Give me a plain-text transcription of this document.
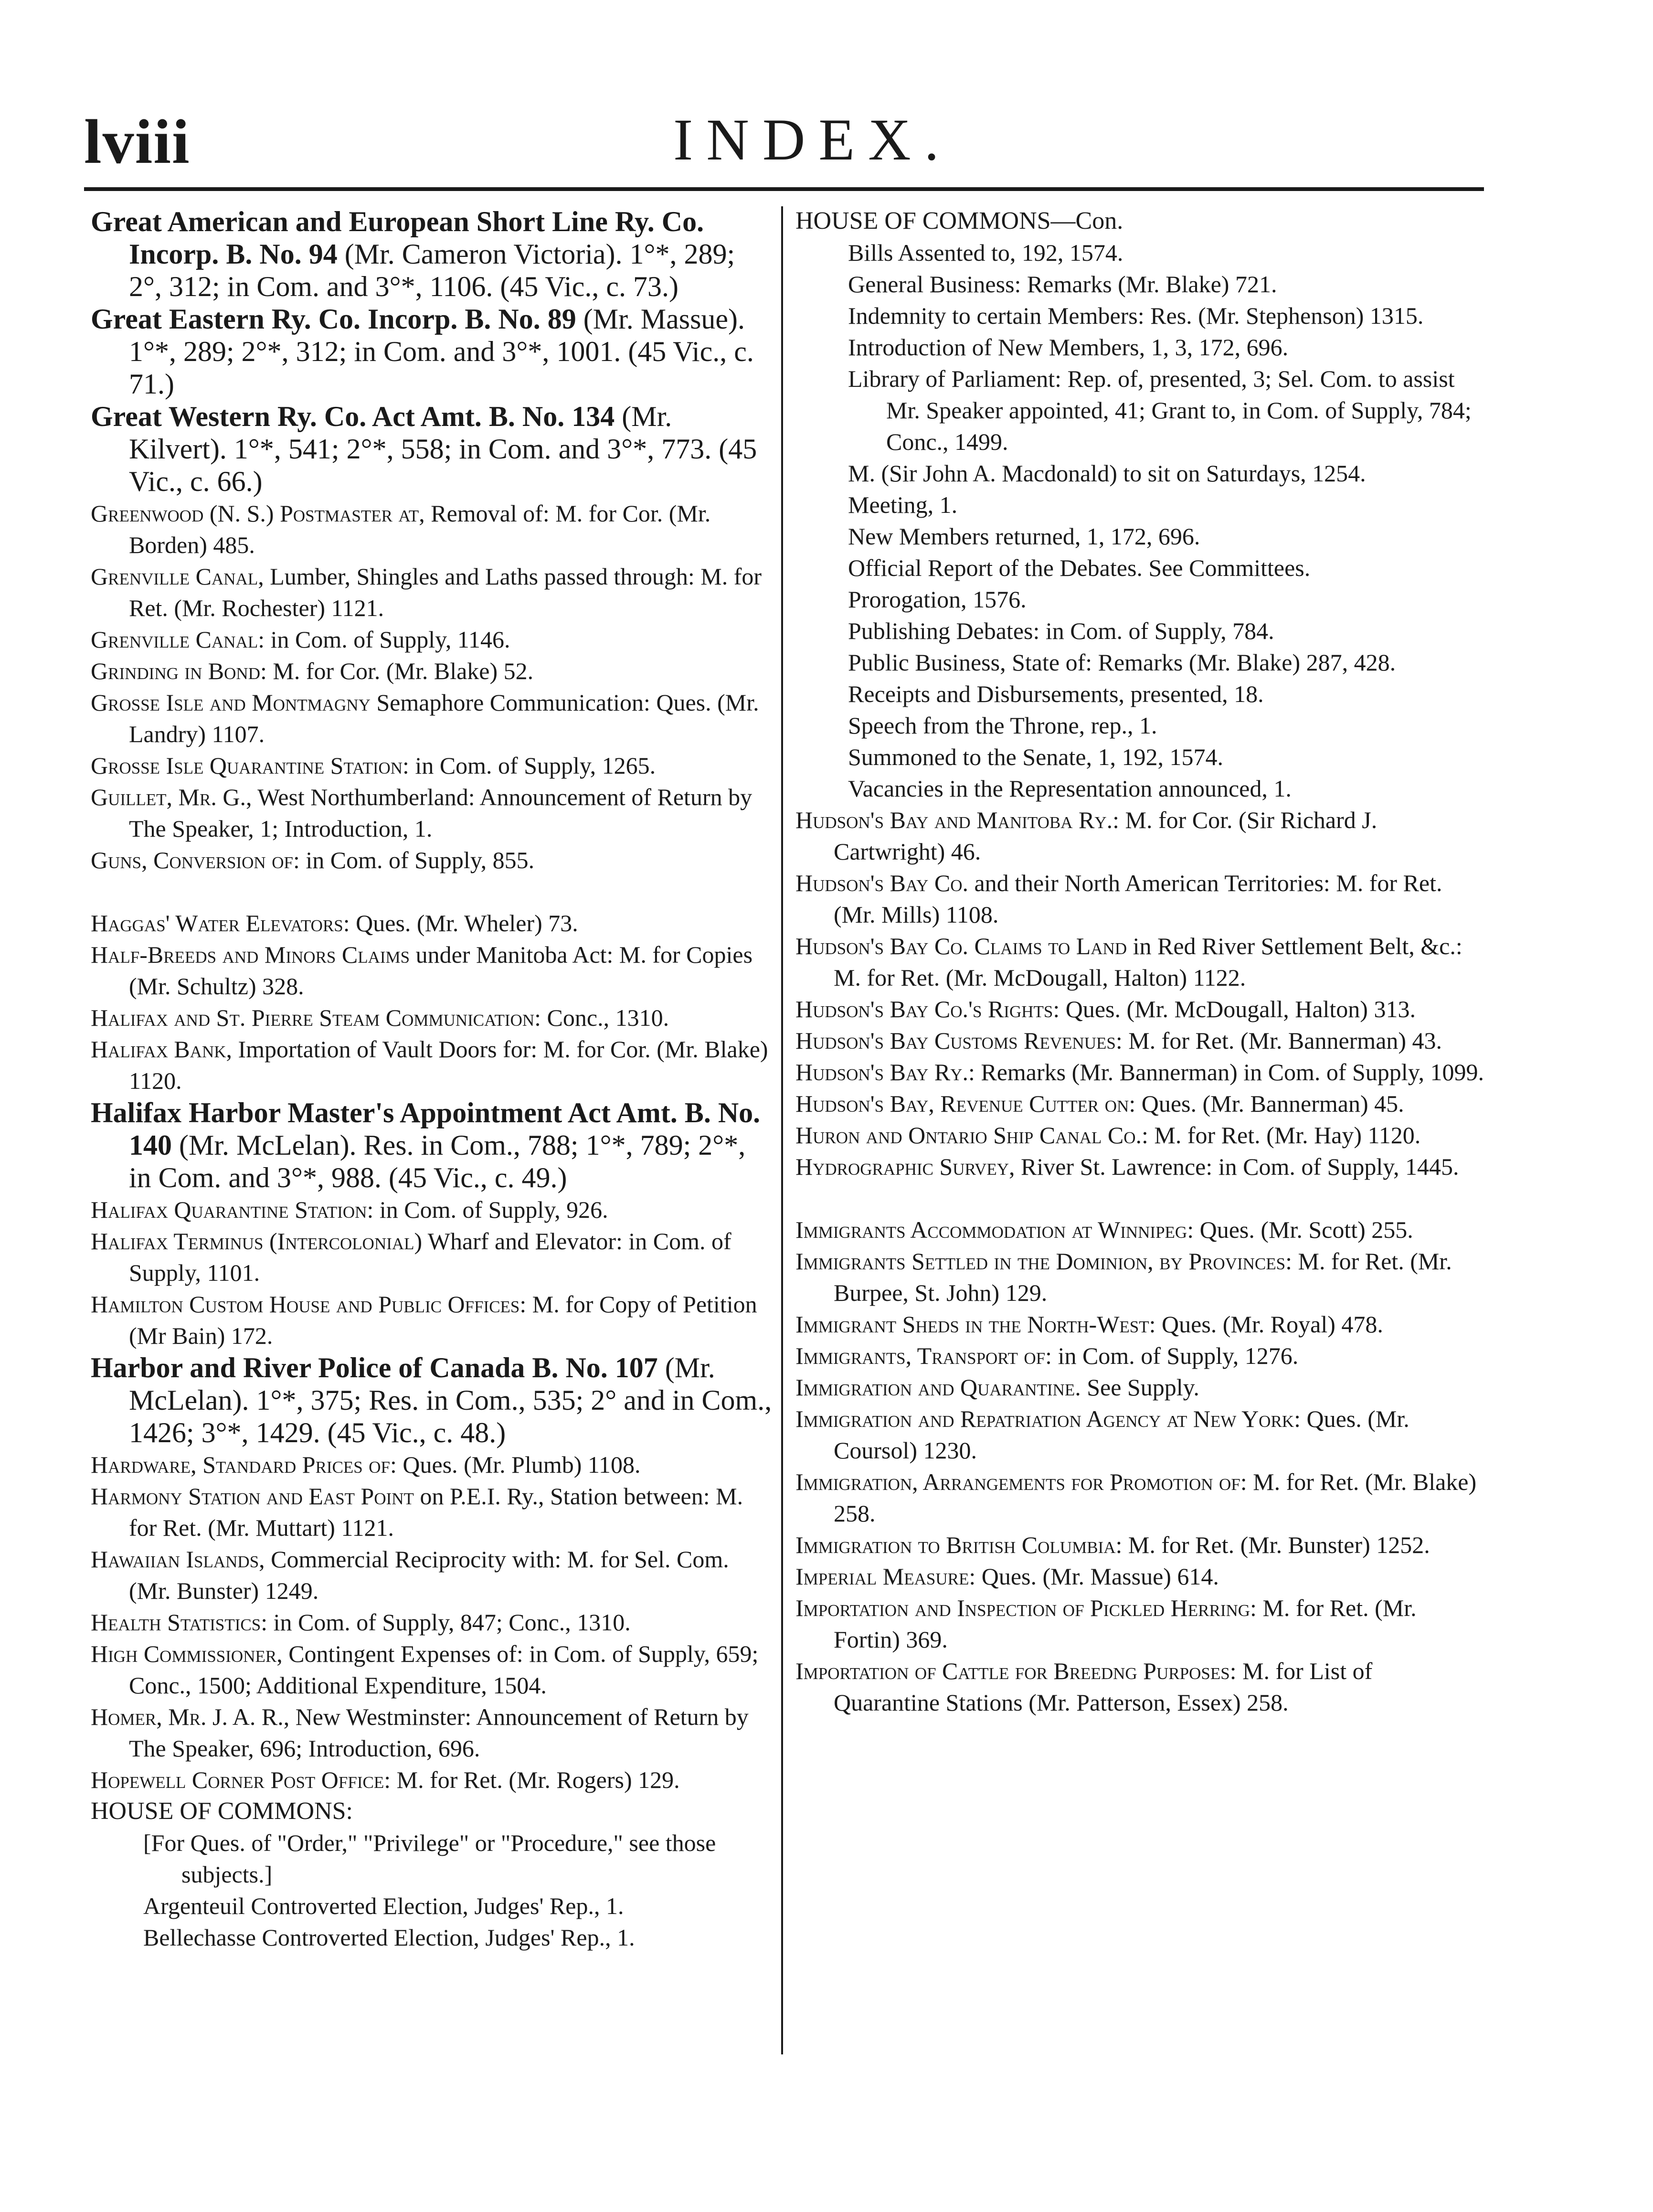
lviii	INDEX.
Great American and European Short Line Ry. Co. Incorp. B. No. 94 (Mr. Cameron Victoria). 1°*, 289; 2°, 312; in Com. and 3°*, 1106. (45 Vic., c. 73.)
Great Eastern Ry. Co. Incorp. B. No. 89 (Mr. Massue). 1°*, 289; 2°*, 312; in Com. and 3°*, 1001. (45 Vic., c. 71.)
Great Western Ry. Co. Act Amt. B. No. 134 (Mr. Kilvert). 1°*, 541; 2°*, 558; in Com. and 3°*, 773. (45 Vic., c. 66.)
Greenwood (N. S.) Postmaster at, Removal of: M. for Cor. (Mr. Borden) 485.
Grenville Canal, Lumber, Shingles and Laths passed through: M. for Ret. (Mr. Rochester) 1121.
Grenville Canal: in Com. of Supply, 1146.
Grinding in Bond: M. for Cor. (Mr. Blake) 52.
Grosse Isle and Montmagny Semaphore Communication: Ques. (Mr. Landry) 1107.
Grosse Isle Quarantine Station: in Com. of Supply, 1265.
Guillet, Mr. G., West Northumberland: Announcement of Return by The Speaker, 1; Introduction, 1.
Guns, Conversion of: in Com. of Supply, 855.
Haggas' Water Elevators: Ques. (Mr. Wheler) 73.
Half-Breeds and Minors Claims under Manitoba Act: M. for Copies (Mr. Schultz) 328.
Halifax and St. Pierre Steam Communication: Conc., 1310.
Halifax Bank, Importation of Vault Doors for: M. for Cor. (Mr. Blake) 1120.
Halifax Harbor Master's Appointment Act Amt. B. No. 140 (Mr. McLelan). Res. in Com., 788; 1°*, 789; 2°*, in Com. and 3°*, 988. (45 Vic., c. 49.)
Halifax Quarantine Station: in Com. of Supply, 926.
Halifax Terminus (Intercolonial) Wharf and Elevator: in Com. of Supply, 1101.
Hamilton Custom House and Public Offices: M. for Copy of Petition (Mr Bain) 172.
Harbor and River Police of Canada B. No. 107 (Mr. McLelan). 1°*, 375; Res. in Com., 535; 2° and in Com., 1426; 3°*, 1429. (45 Vic., c. 48.)
Hardware, Standard Prices of: Ques. (Mr. Plumb) 1108.
Harmony Station and East Point on P.E.I. Ry., Station between: M. for Ret. (Mr. Muttart) 1121.
Hawaiian Islands, Commercial Reciprocity with: M. for Sel. Com. (Mr. Bunster) 1249.
Health Statistics: in Com. of Supply, 847; Conc., 1310.
High Commissioner, Contingent Expenses of: in Com. of Supply, 659; Conc., 1500; Additional Expenditure, 1504.
Homer, Mr. J. A. R., New Westminster: Announcement of Return by The Speaker, 696; Introduction, 696.
Hopewell Corner Post Office: M. for Ret. (Mr. Rogers) 129.
HOUSE OF COMMONS:
[For Ques. of "Order," "Privilege" or "Procedure," see those subjects.]
Argenteuil Controverted Election, Judges' Rep., 1.
Bellechasse Controverted Election, Judges' Rep., 1.
HOUSE OF COMMONS—Con.
Bills Assented to, 192, 1574.
General Business: Remarks (Mr. Blake) 721.
Indemnity to certain Members: Res. (Mr. Stephenson) 1315.
Introduction of New Members, 1, 3, 172, 696.
Library of Parliament: Rep. of, presented, 3; Sel. Com. to assist Mr. Speaker appointed, 41; Grant to, in Com. of Supply, 784; Conc., 1499.
M. (Sir John A. Macdonald) to sit on Saturdays, 1254.
Meeting, 1.
New Members returned, 1, 172, 696.
Official Report of the Debates. See Committees.
Prorogation, 1576.
Publishing Debates: in Com. of Supply, 784.
Public Business, State of: Remarks (Mr. Blake) 287, 428.
Receipts and Disbursements, presented, 18.
Speech from the Throne, rep., 1.
Summoned to the Senate, 1, 192, 1574.
Vacancies in the Representation announced, 1.
Hudson's Bay and Manitoba Ry.: M. for Cor. (Sir Richard J. Cartwright) 46.
Hudson's Bay Co. and their North American Territories: M. for Ret. (Mr. Mills) 1108.
Hudson's Bay Co. Claims to Land in Red River Settlement Belt, &c.: M. for Ret. (Mr. McDougall, Halton) 1122.
Hudson's Bay Co.'s Rights: Ques. (Mr. McDougall, Halton) 313.
Hudson's Bay Customs Revenues: M. for Ret. (Mr. Bannerman) 43.
Hudson's Bay Ry.: Remarks (Mr. Bannerman) in Com. of Supply, 1099.
Hudson's Bay, Revenue Cutter on: Ques. (Mr. Bannerman) 45.
Huron and Ontario Ship Canal Co.: M. for Ret. (Mr. Hay) 1120.
Hydrographic Survey, River St. Lawrence: in Com. of Supply, 1445.
Immigrants Accommodation at Winnipeg: Ques. (Mr. Scott) 255.
Immigrants Settled in the Dominion, by Provinces: M. for Ret. (Mr. Burpee, St. John) 129.
Immigrant Sheds in the North-West: Ques. (Mr. Royal) 478.
Immigrants, Transport of: in Com. of Supply, 1276.
Immigration and Quarantine. See Supply.
Immigration and Repatriation Agency at New York: Ques. (Mr. Coursol) 1230.
Immigration, Arrangements for Promotion of: M. for Ret. (Mr. Blake) 258.
Immigration to British Columbia: M. for Ret. (Mr. Bunster) 1252.
Imperial Measure: Ques. (Mr. Massue) 614.
Importation and Inspection of Pickled Herring: M. for Ret. (Mr. Fortin) 369.
Importation of Cattle for Breedng Purposes: M. for List of Quarantine Stations (Mr. Patterson, Essex) 258.
